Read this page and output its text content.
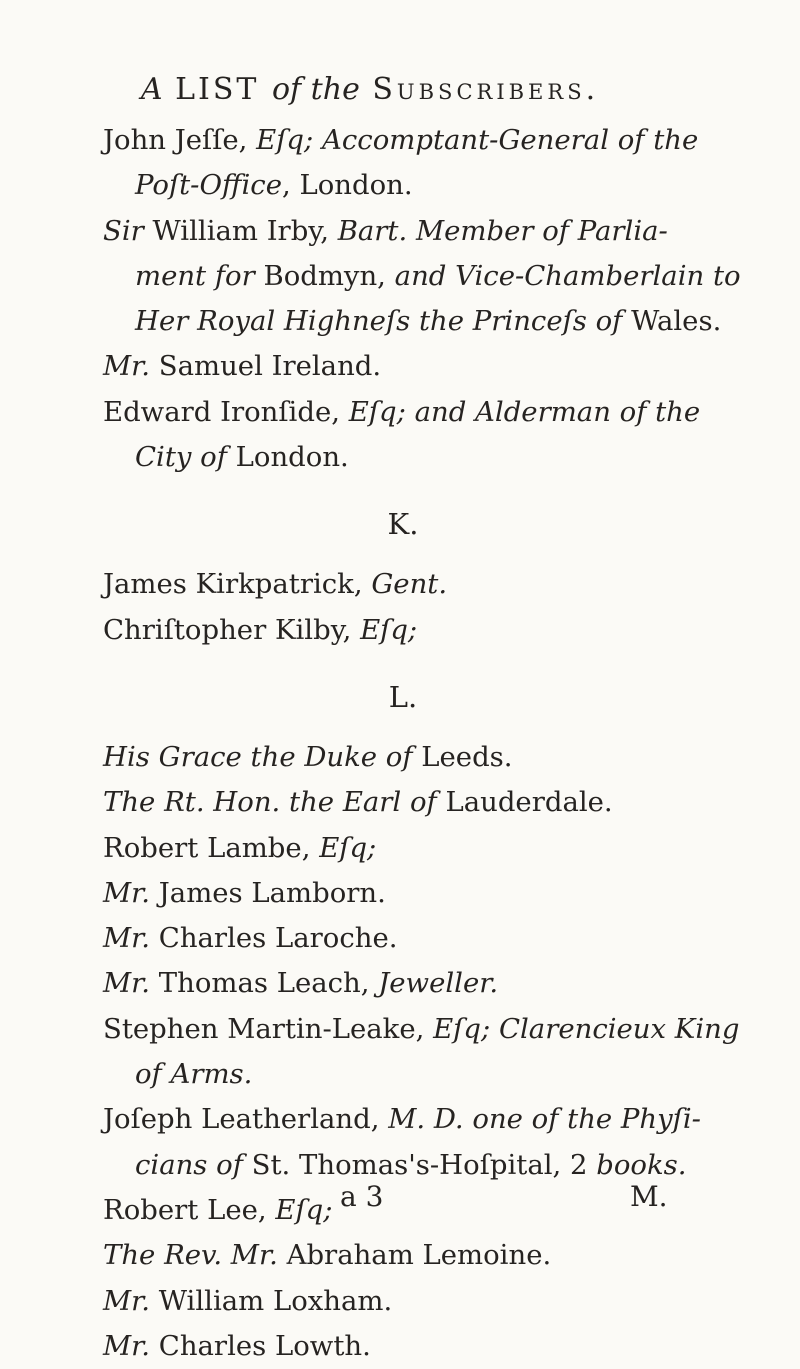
A LIST of the Subscribers.
John Jeſſe, Eſq; Accomptant-General of the
Poſt-Office, London.
Sir William Irby, Bart. Member of Parlia-
ment for Bodmyn, and Vice-Chamberlain to
Her Royal Highneſs the Princeſs of Wales.
Mr. Samuel Ireland.
Edward Ironſide, Eſq; and Alderman of the
City of London.
K.
James Kirkpatrick, Gent.
Chriſtopher Kilby, Eſq;
L.
His Grace the Duke of Leeds.
The Rt. Hon. the Earl of Lauderdale.
Robert Lambe, Eſq;
Mr. James Lamborn.
Mr. Charles Laroche.
Mr. Thomas Leach, Jeweller.
Stephen Martin-Leake, Eſq; Clarencieux King
of Arms.
Joſeph Leatherland, M. D. one of the Phyſi-
cians of St. Thomas's-Hoſpital, 2 books.
Robert Lee, Eſq;
The Rev. Mr. Abraham Lemoine.
Mr. William Loxham.
Mr. Charles Lowth.
a 3	M.
